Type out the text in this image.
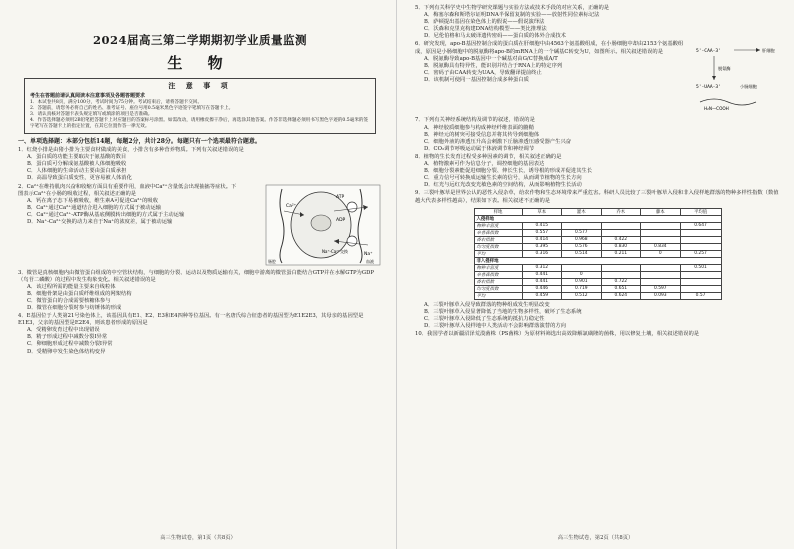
2024届高三第二学期期初学业质量监测
生 物
注 意 事 项
考生在答题前请认真阅读本注意事项及各题答题要求

1．本试卷共8页，满分100分，考试时间为75分钟。考试结束后，请将答题卡交回。

2．答题前，请您务必将自己的姓名、准考证号、座位号用0.5毫米黑色字迹签字笔填写在答题卡上。

3．请认真核对答题卡表头规定填写或填涂的项目是否准确。

4．作答选择题必须用2B铅笔把答题卡上对应题目的答案标号涂黑。如需改动，请用橡皮擦干净后，再选涂其他答案。作答非选择题必须用书写黑色字迹的0.5毫米的签字笔写在答题卡上的指定位置，在其它位置作答一律无效。

一、单项选择题：本部分包括14题，每题2分，共计28分。每题只有一个选项最符合题意。
1．红烧小排是由猪小排为主要食材做成的美食，小排含有多种营养物质。下列有关叙述错误的是
A．蛋白质的功能主要取决于氨基酸的数目
B．蛋白质可分解成氨基酸被人体细胞吸收
C．人体细胞的生命活动主要由蛋白质承担
D．高温导致蛋白质变性，更容易被人体消化
ATP
ADP
Na⁺
Ca²⁺
Na⁺-Ca²⁺交换
肠腔	血液
2．Ca²⁺在维持肌肉兴奋和收缩方面具有重要作用，血液中Ca²⁺含量低会出现抽搐等症状。下图表示Ca²⁺在小肠的吸收过程，相关叙述正确的是
A．钙在离子态下易被吸收，维生素A可促进Ca²⁺的吸收
B．Ca²⁺通过Ca²⁺通道结合进入细胞的方式属于被动运输
C．Ca²⁺通过Ca²⁺-ATP酶从基底侧膜转出细胞的方式属于主动运输
D．Na⁺-Ca²⁺交换的动力来自于Na⁺的浓度差，属于被动运输
3．微管是真核细胞内由微管蛋白组成的中空管状结构，与细胞的分裂、运动以及物质运输有关，细胞中游离的微管蛋白能结合GTP并在水解GTP为GDP（鸟苷二磷酸）的过程中发生构象变化。相关叙述错误的是
A．该过程所需的能量主要来自线粒体
B．细胞骨架是由蛋白质纤维组成的网架结构
C．微管蛋白的合成需要核糖体参与
D．微管在细胞分裂时参与纺锤体的形成
4．E基因位于人类第21号染色体上，该基因具有E1、E2、E3和E4四种等位基因。有一名唐氏综合征患者的基因型为E1E2E3，其母亲的基因型是E1E3，父亲的基因型是E2E4，则该患者形成的原因是
A．受精卵发育过程中出现错误
B．精子形成过程中减数分裂I异常
C．卵细胞形成过程中减数分裂I异常
D．受精卵中发生染色体结构变异
高三生物试卷，第1页（共8页）
5．下列有关科学史中生物学研究课题与实验方法或技术手段的对应关系，正确的是
A．梅塞尔森和斯塔尔证明DNA半保留复制的实验——放射性同位素标记法
B．萨顿提出基因在染色体上的假说——假说演绎法
C．沃森和克里克构建DNA结构模型——类比推理法
D．尼伦伯格和马太破译遗传密码——蛋白质的体外合成技术
5'-CAA-3'	肝细胞
脱氨酶
5'-UAA-3'	小肠细胞
H₂N—COOH
6．研究发现，apo-B基因控制合成的蛋白质在肝细胞中由4563个氨基酸组成，在小肠细胞中却由2153个氨基酸组成，原因是小肠细胞中的脱氨酶将apo-B的mRNA上的一个碱基C转变为U，如图所示。相关叙述错误的是
A．脱氨酶导致apo-B基因中一个碱基对由G/C替换成A/T
B．脱氨酶具有特异性，能识别并结合于RNA上的特定序列
C．密码子由CAA转变为UAA，导致翻译提前终止
D．该机制可使同一基因控制合成多种蛋白质
7．下列有关神经系统结构及调节的叙述，错误的是
A．神经胶质细胞参与构成神经纤维表面的髓鞘
B．神经元的树突可接受信息并将其传导到细胞体
C．细胞外液的渗透压升高会刺激下丘脑渗透压感受器产生兴奋
D．CO₂调节呼吸运动属于体液调节和神经调节
8．植物的生长发育过程受多种因素的调节，相关叙述正确的是
A．植物激素可作为信息分子，调控细胞的基因表达
B．细胞分裂素能促进细胞分裂、伸长生长，诱导根的形成并促进其生长
C．重力信号可转换成运输生长素的信号，从而调节植物的生长方向
D．红光与远红光改变光敏色素的空间结构，从而影响植物生长活动
9．三裂叶豚草是世界公认的恶性入侵杂草，给农作物和生态环境带来严重危害。科研人员比较了三裂叶豚草入侵和非入侵样地群落的物种多样性指数（数值越大代表多样性越高），结果如下表。相关叙述不正确的是
样地	草本	灌木	乔木	藤本	平均值
入侵样地					
物种丰富度	0.415				0.647
辛普森指数	0.557	0.577			
香农指数	0.414	0.968	0.422		
均匀度指数	0.395	0.576	0.830	0.834	
平均	0.316	0.514	0.211	0	0.257
非入侵样地					
物种丰富度	0.312				0.501
辛普森指数	0.441	0			
香农指数	0.441	0.901	0.722		
均匀度指数	0.446	0.719	0.651	0.597	
平均	0.459	0.512	0.624	0.093	0.57
A．三裂叶豚草入侵导致群落的物种组成发生明显改变
B．三裂叶豚草入侵显著降低了当地的生物多样性，破坏了生态系统
C．三裂叶豚草入侵降低了生态系统的抵抗力稳定性
D．三裂叶豚草入侵样地中人类活动不会影响群落演替的方向
10．我国学者以新疆沼泽荒漠菌株（PS菌株）为原材料筛选出高效降解氯磺隆的菌株，用以修复土壤，相关叙述错误的是
高三生物试卷，第2页（共8页）
